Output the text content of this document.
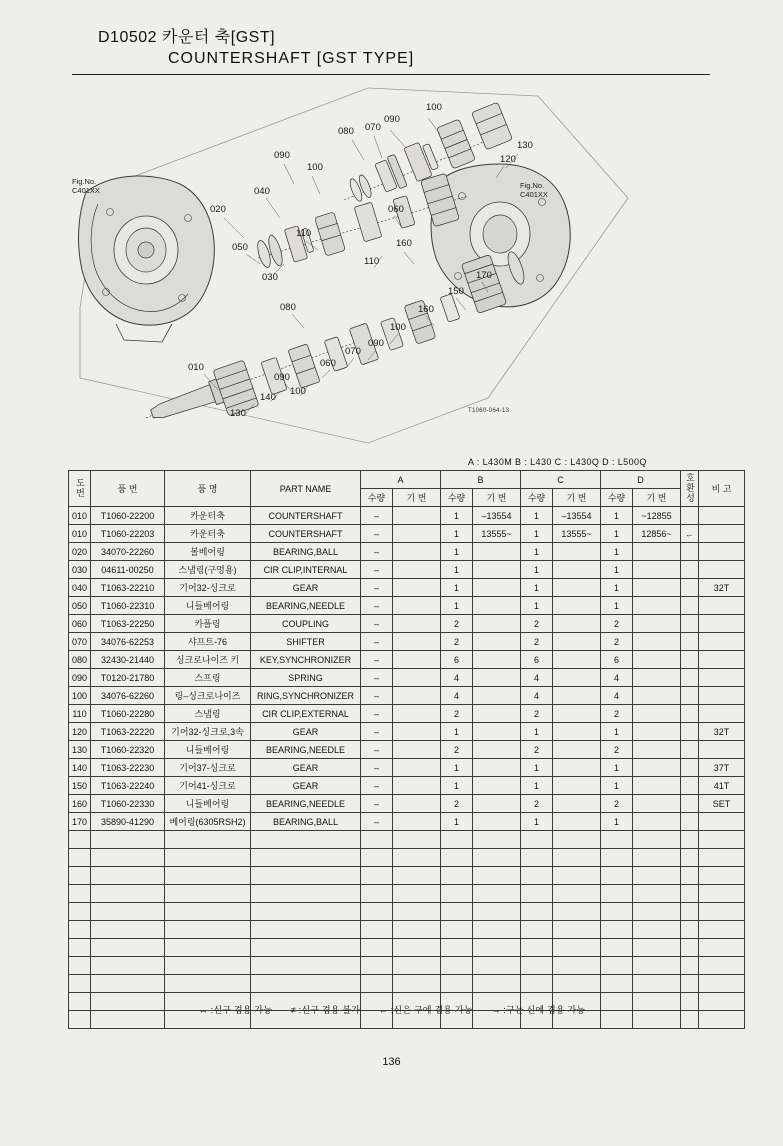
D10502 카운터 축[GST]
COUNTERSHAFT [GST TYPE]
Fig.No.
C401XX
Fig.No.
C401XX
T1060-064-13
100
090
080 070
130
120
090
100
040
020	060
110
050
030
110
160
170
150
160
080
100
090
070
060
090
100
010
140
130
A : L430M B : L430 C : L430Q D : L500Q
도번	품 번	품 명	PART NAME	A		B		C		D		호환성	비 고
				수량	기 번	수량	기 번	수량	기 번	수량	기 번		
010	T1060-22200	카운터축	COUNTERSHAFT	–		1	–13554	1	–13554	1	~12855		
010	T1060-22203	카운터축	COUNTERSHAFT	–		1	13555~	1	13555~	1	12856~	←	
020	34070-22260	볼베어링	BEARING,BALL	–		1		1		1			
030	04611-00250	스냅링(구멍용)	CIR CLIP,INTERNAL	–		1		1		1			
040	T1063-22210	기어32-싱크로	GEAR	–		1		1		1			32T
050	T1060-22310	니들베어링	BEARING,NEEDLE	–		1		1		1			
060	T1063-22250	카플링	COUPLING	–		2		2		2			
070	34076-62253	샤프트-76	SHIFTER	–		2		2		2			
080	32430-21440	싱크로나이즈 키	KEY,SYNCHRONIZER	–		6		6		6			
090	T0120-21780	스프링	SPRING	–		4		4		4			
100	34076-62260	링–싱크로나이즈	RING,SYNCHRONIZER	–		4		4		4			
110	T1060-22280	스냅링	CIR CLIP,EXTERNAL	–		2		2		2			
120	T1063-22220	기어32-싱크로,3속	GEAR	–		1		1		1			32T
130	T1060-22320	니들베어링	BEARING,NEEDLE	–		2		2		2			
140	T1063-22230	기어37-싱크로	GEAR	–		1		1		1			37T
150	T1063-22240	기어41-싱크로	GEAR	–		1		1		1			41T
160	T1060-22330	니들베어링	BEARING,NEEDLE	–		2		2		2			SET
170	35890-41290	베어링(6305RSH2)	BEARING,BALL	–		1		1		1			

↔ :신구 겸용 가능 ≠ :신구 겸용 불가 ← :신은 구에 겸용 가능 → :구는 신에 겸용 가능
136
